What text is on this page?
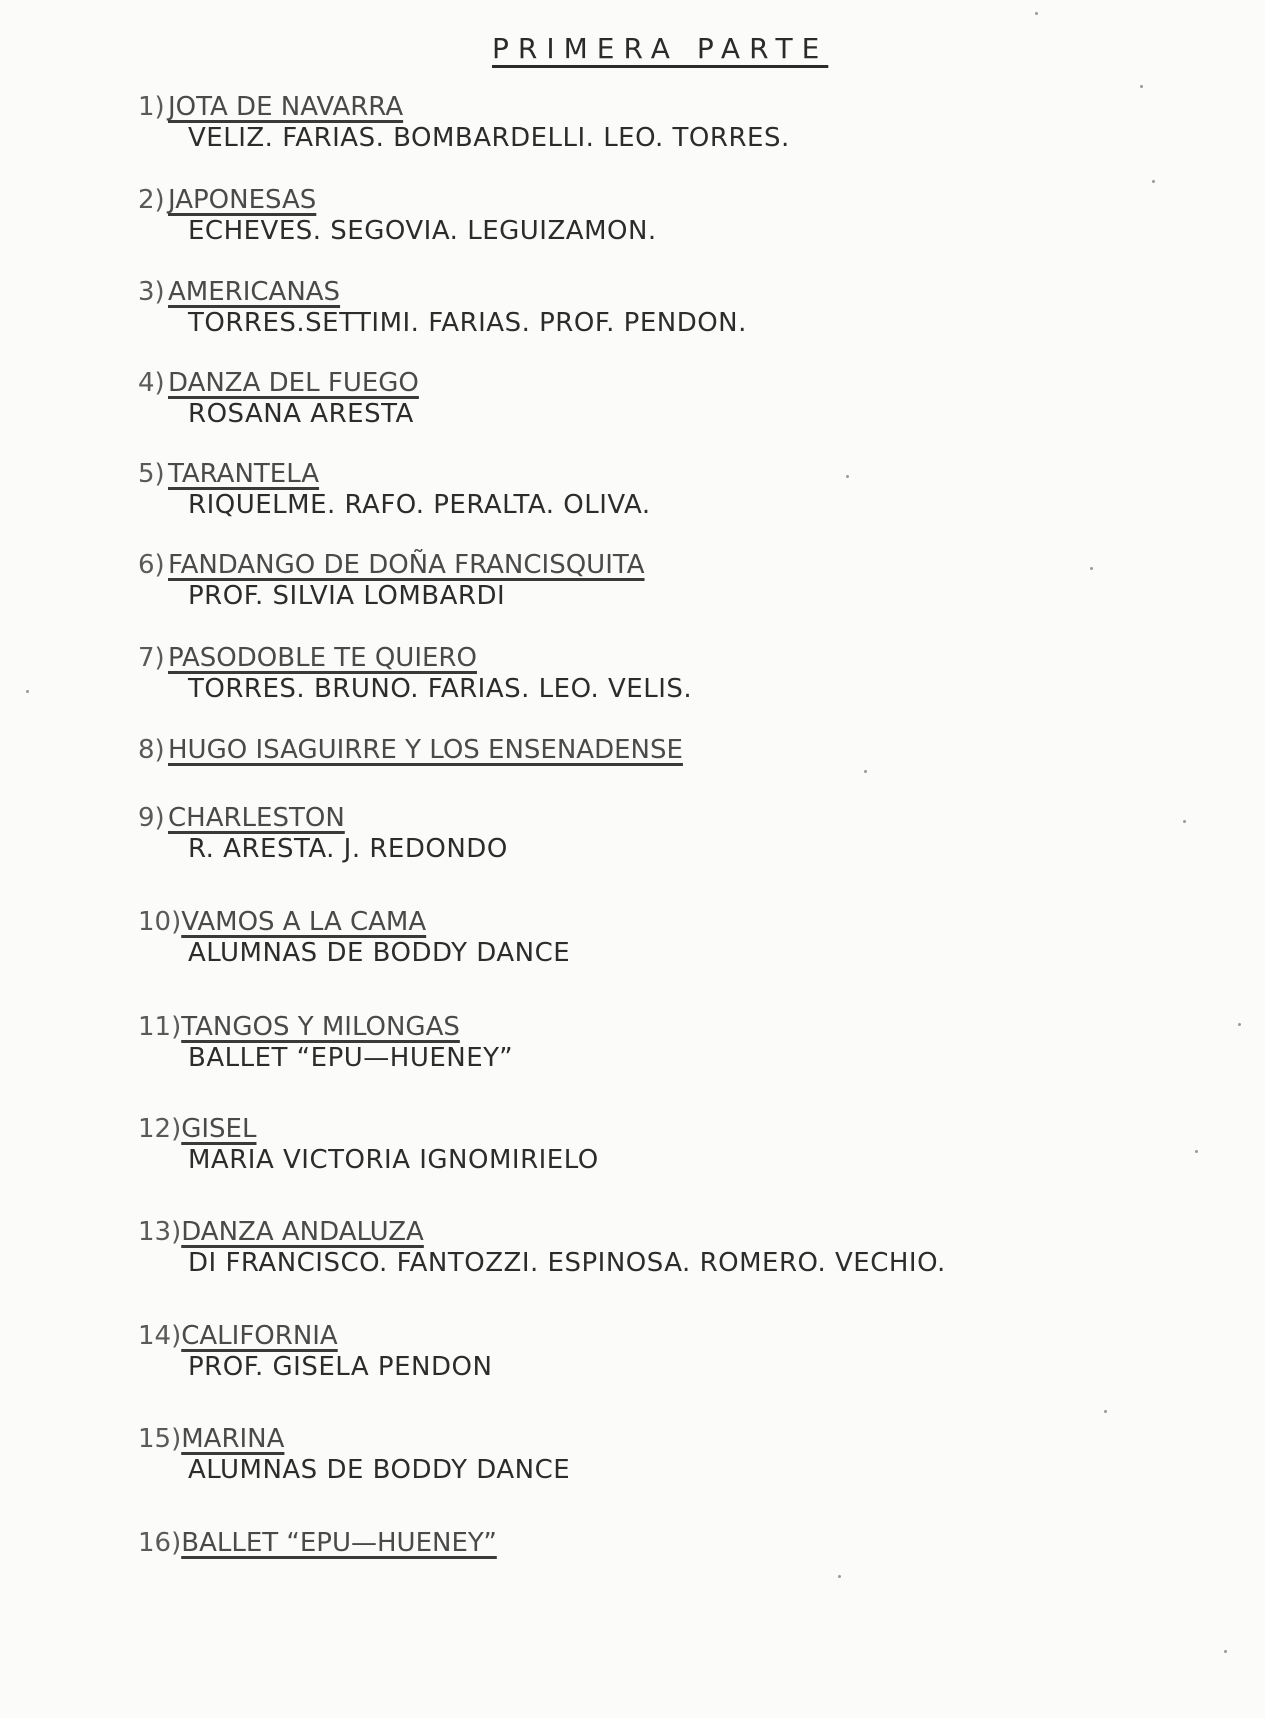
PRIMERA PARTE
1) JOTA DE NAVARRA
VELIZ. FARIAS. BOMBARDELLI. LEO. TORRES.
2) JAPONESAS
ECHEVES. SEGOVIA. LEGUIZAMON.
3) AMERICANAS
TORRES.SETTIMI. FARIAS. PROF. PENDON.
4) DANZA DEL FUEGO
ROSANA ARESTA
5) TARANTELA
RIQUELME. RAFO. PERALTA. OLIVA.
6) FANDANGO DE DOÑA FRANCISQUITA
PROF. SILVIA LOMBARDI
7) PASODOBLE TE QUIERO
TORRES. BRUNO. FARIAS. LEO. VELIS.
8) HUGO ISAGUIRRE Y LOS ENSENADENSE
9) CHARLESTON
R. ARESTA. J. REDONDO
10)VAMOS A LA CAMA
ALUMNAS DE BODDY DANCE
11)TANGOS Y MILONGAS
BALLET “EPU—HUENEY”
12)GISEL
MARIA VICTORIA IGNOMIRIELO
13)DANZA ANDALUZA
DI FRANCISCO. FANTOZZI. ESPINOSA. ROMERO. VECHIO.
14)CALIFORNIA
PROF. GISELA PENDON
15)MARINA
ALUMNAS DE BODDY DANCE
16)BALLET “EPU—HUENEY”
